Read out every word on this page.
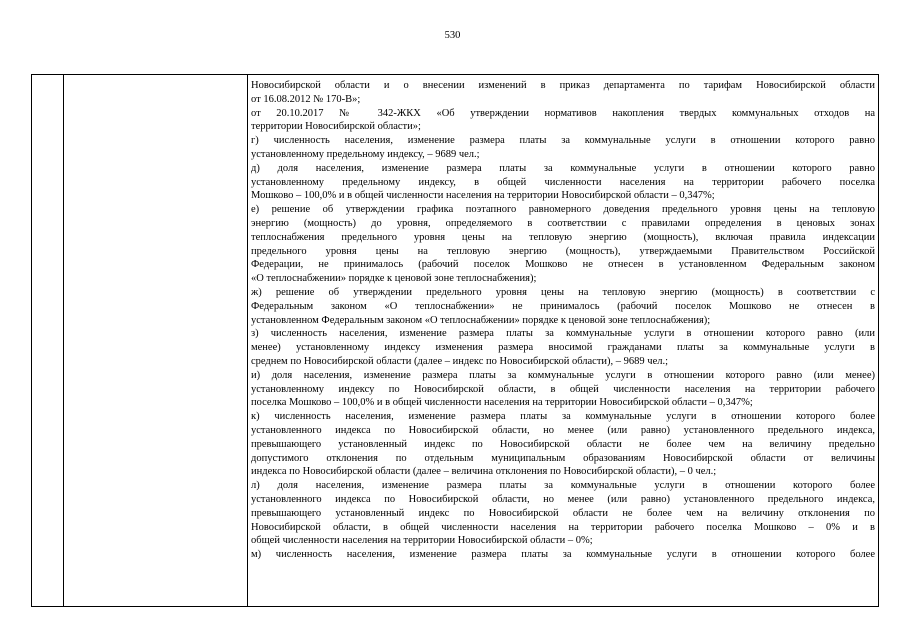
530

Новосибирской области и о внесении изменений в приказ департамента по тарифам Новосибирской области
от 16.08.2012 № 170-В»;
от 20.10.2017 № 342-ЖКХ «Об утверждении нормативов накопления твердых коммунальных отходов на
территории Новосибирской области»;
г) численность населения, изменение размера платы за коммунальные услуги в отношении которого равно
установленному предельному индексу, – 9689 чел.;
д) доля населения, изменение размера платы за коммунальные услуги в отношении которого равно
установленному предельному индексу, в общей численности населения на территории рабочего поселка
Мошково – 100,0% и в общей численности населения на территории Новосибирской области – 0,347%;
е) решение об утверждении графика поэтапного равномерного доведения предельного уровня цены на тепловую
энергию (мощность) до уровня, определяемого в соответствии с правилами определения в ценовых зонах
теплоснабжения предельного уровня цены на тепловую энергию (мощность), включая правила индексации
предельного уровня цены на тепловую энергию (мощность), утверждаемыми Правительством Российской
Федерации, не принималось (рабочий поселок Мошково не отнесен в установленном Федеральным законом
«О теплоснабжении» порядке к ценовой зоне теплоснабжения);
ж) решение об утверждении предельного уровня цены на тепловую энергию (мощность) в соответствии с
Федеральным законом «О теплоснабжении» не принималось (рабочий поселок Мошково не отнесен в
установленном Федеральным законом «О теплоснабжении» порядке к ценовой зоне теплоснабжения);
з) численность населения, изменение размера платы за коммунальные услуги в отношении которого равно (или
менее) установленному индексу изменения размера вносимой гражданами платы за коммунальные услуги в
среднем по Новосибирской области (далее – индекс по Новосибирской области), – 9689 чел.;
и) доля населения, изменение размера платы за коммунальные услуги в отношении которого равно (или менее)
установленному индексу по Новосибирской области, в общей численности населения на территории рабочего
поселка Мошково – 100,0% и в общей численности населения на территории Новосибирской области – 0,347%;
к) численность населения, изменение размера платы за коммунальные услуги в отношении которого более
установленного индекса по Новосибирской области, но менее (или равно) установленного предельного индекса,
превышающего установленный индекс по Новосибирской области не более чем на величину предельно
допустимого отклонения по отдельным муниципальным образованиям Новосибирской области от величины
индекса по Новосибирской области (далее – величина отклонения по Новосибирской области), – 0 чел.;
л) доля населения, изменение размера платы за коммунальные услуги в отношении которого более
установленного индекса по Новосибирской области, но менее (или равно) установленного предельного индекса,
превышающего установленный индекс по Новосибирской области не более чем на величину отклонения по
Новосибирской области, в общей численности населения на территории рабочего поселка Мошково – 0% и в
общей численности населения на территории Новосибирской области – 0%;
м) численность населения, изменение размера платы за коммунальные услуги в отношении которого более
